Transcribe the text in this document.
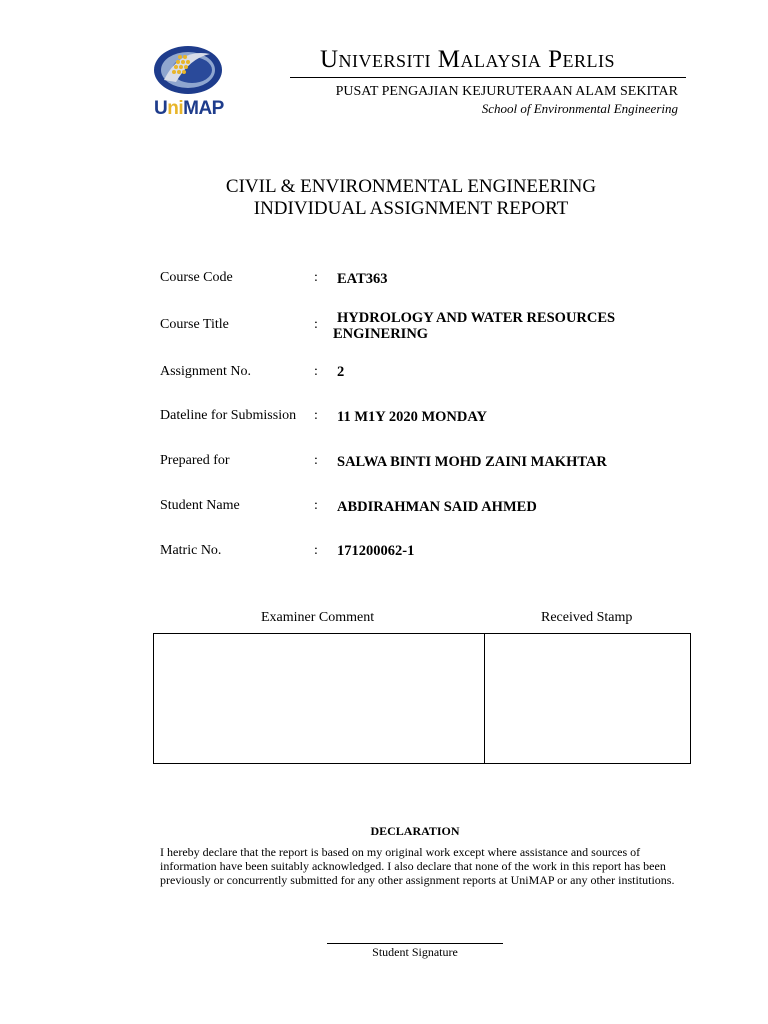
UniMAP
Universiti Malaysia Perlis
PUSAT PENGAJIAN KEJURUTERAAN ALAM SEKITAR
School of Environmental Engineering
CIVIL & ENVIRONMENTAL ENGINEERING
INDIVIDUAL ASSIGNMENT REPORT
Course Code	: EAT363
Course Title	: HYDROLOGY AND WATER RESOURCES
ENGINERING
Assignment No.	: 2
Dateline for Submission : 11 M1Y 2020 MONDAY
Prepared for	: SALWA BINTI MOHD ZAINI MAKHTAR
Student Name	: ABDIRAHMAN SAID AHMED
Matric No.	: 171200062-1
Examiner Comment	Received Stamp
DECLARATION

I hereby declare that the report is based on my original work except where assistance and sources of information have been suitably acknowledged. I also declare that none of the work in this report has been previously or concurrently submitted for any other assignment reports at UniMAP or any other institutions.

Student Signature
